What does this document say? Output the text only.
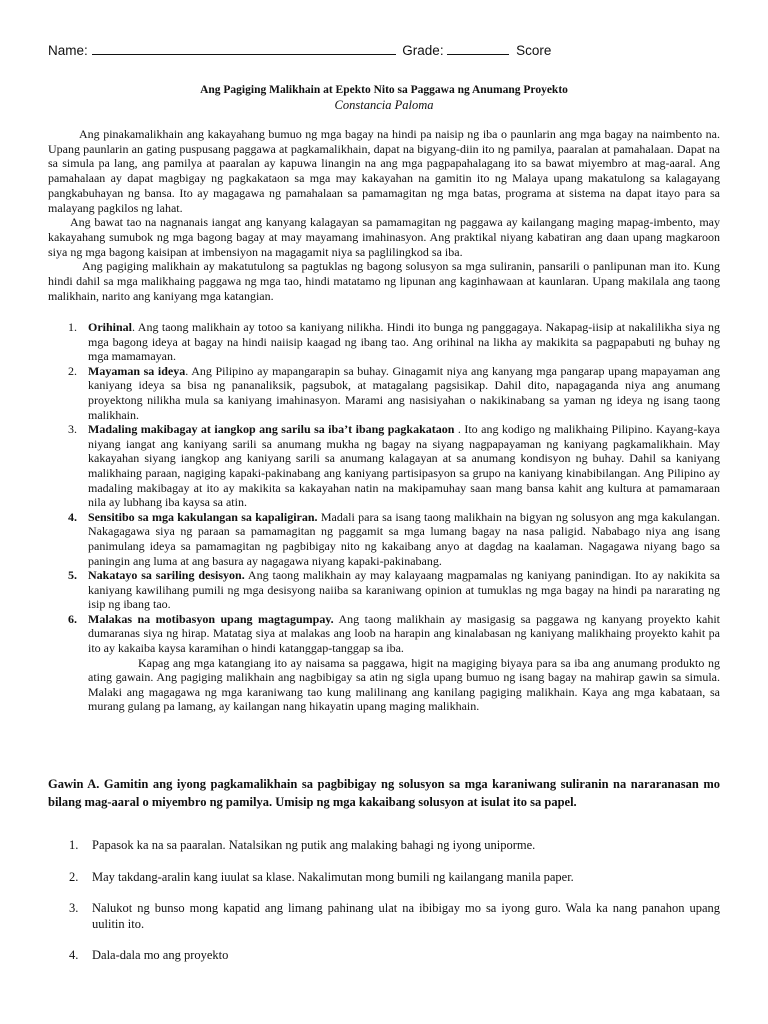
Name:	Grade:	Score
Ang Pagiging Malikhain at Epekto Nito sa Paggawa ng Anumang Proyekto
Constancia Paloma

Ang pinakamalikhain ang kakayahang bumuo ng mga bagay na hindi pa naisip ng iba o paunlarin ang mga bagay na naimbento na. Upang paunlarin an gating puspusang paggawa at pagkamalikhain, dapat na bigyang-diin ito ng pamilya, paaralan at pamahalaan. Dapat na sa simula pa lang, ang pamilya at paaralan ay kapuwa linangin na ang mga pagpapahalagang ito sa bawat miyembro at mag-aaral. Ang pamahalaan ay dapat magbigay ng pagkakataon sa mga may kakayahan na gamitin ito ng Malaya upang makatulong sa kalagayang pangkabuhayan ng bansa. Ito ay magagawa ng pamahalaan sa pamamagitan ng mga batas, programa at sistema na dapat itayo para sa malayang pagkilos ng lahat.

Ang bawat tao na nagnanais iangat ang kanyang kalagayan sa pamamagitan ng paggawa ay kailangang maging mapag-imbento, may kakayahang sumubok ng mga bagong bagay at may mayamang imahinasyon. Ang praktikal niyang kabatiran ang daan upang magkaroon siya ng mga bagong kaisipan at imbensiyon na magagamit niya sa paglilingkod sa iba.

Ang pagiging malikhain ay makatutulong sa pagtuklas ng bagong solusyon sa mga suliranin, pansarili o panlipunan man ito. Kung hindi dahil sa mga malikhaing paggawa ng mga tao, hindi matatamo ng lipunan ang kaginhawaan at kaunlaran. Upang makilala ang taong malikhain, narito ang kaniyang mga katangian.

1. Orihinal. Ang taong malikhain ay totoo sa kaniyang nilikha. Hindi ito bunga ng panggagaya. Nakapag-iisip at nakalilikha siya ng mga bagong ideya at bagay na hindi naiisip kaagad ng ibang tao. Ang orihinal na likha ay makikita sa pagpapabuti ng buhay ng mga mamamayan.
2. Mayaman sa ideya. Ang Pilipino ay mapangarapin sa buhay. Ginagamit niya ang kanyang mga pangarap upang mapayaman ang kaniyang ideya sa bisa ng pananaliksik, pagsubok, at matagalang pagsisikap. Dahil dito, napagaganda niya ang anumang proyektong nilikha mula sa kaniyang imahinasyon. Marami ang nasisiyahan o nakikinabang sa yaman ng ideya ng isang taong malikhain.
3. Madaling makibagay at iangkop ang sarilu sa iba’t ibang pagkakataon . Ito ang kodigo ng malikhaing Pilipino. Kayang-kaya niyang iangat ang kaniyang sarili sa anumang mukha ng bagay na siyang nagpapayaman ng kaniyang pagkamalikhain. May kakayahan siyang iangkop ang kaniyang sarili sa anumang kalagayan at sa anumang kondisyon ng buhay. Dahil sa kaniyang malikhaing paraan, nagiging kapaki-pakinabang ang kaniyang partisipasyon sa grupo na kaniyang kinabibilangan. Ang Pilipino ay madaling makibagay at ito ay makikita sa kakayahan natin na makipamuhay saan mang bansa kahit ang kultura at pamamaraan nila ay lubhang iba kaysa sa atin.
4. Sensitibo sa mga kakulangan sa kapaligiran. Madali para sa isang taong malikhain na bigyan ng solusyon ang mga kakulangan. Nakagagawa siya ng paraan sa pamamagitan ng paggamit sa mga lumang bagay na nasa paligid. Nababago niya ang isang panimulang ideya sa pamamagitan ng pagbibigay nito ng kakaibang anyo at dagdag na kaalaman. Nagagawa niyang bago sa paningin ang luma at ang basura ay nagagawa niyang kapaki-pakinabang.
5. Nakatayo sa sariling desisyon. Ang taong malikhain ay may kalayaang magpamalas ng kaniyang panindigan. Ito ay nakikita sa kaniyang kawilihang pumili ng mga desisyong naiiba sa karaniwang opinion at tumuklas ng mga bagay na hindi pa nararating ng isip ng ibang tao.
6. Malakas na motibasyon upang magtagumpay. Ang taong malikhain ay masigasig sa paggawa ng kanyang proyekto kahit dumaranas siya ng hirap. Matatag siya at malakas ang loob na harapin ang kinalabasan ng kaniyang malikhaing proyekto kahit pa ito ay kakaiba kaysa karamihan o hindi katanggap-tanggap sa iba.

Kapag ang mga katangiang ito ay naisama sa paggawa, higit na magiging biyaya para sa iba ang anumang produkto ng ating gawain. Ang pagiging malikhain ang nagbibigay sa atin ng sigla upang bumuo ng isang bagay na mahirap gawin sa simula. Malaki ang magagawa ng mga karaniwang tao kung malilinang ang kanilang pagiging malikhain. Kaya ang mga kabataan, sa murang gulang pa lamang, ay kailangan nang hikayatin upang maging malikhain.

Gawin A. Gamitin ang iyong pagkamalikhain sa pagbibigay ng solusyon sa mga karaniwang suliranin na nararanasan mo bilang mag-aaral o miyembro ng pamilya. Umisip ng mga kakaibang solusyon at isulat ito sa papel.
1. Papasok ka na sa paaralan. Natalsikan ng putik ang malaking bahagi ng iyong uniporme.
2. May takdang-aralin kang iuulat sa klase. Nakalimutan mong bumili ng kailangang manila paper.
3. Nalukot ng bunso mong kapatid ang limang pahinang ulat na ibibigay mo sa iyong guro. Wala ka nang panahon upang uulitin ito.
4. Dala-dala mo ang proyekto
